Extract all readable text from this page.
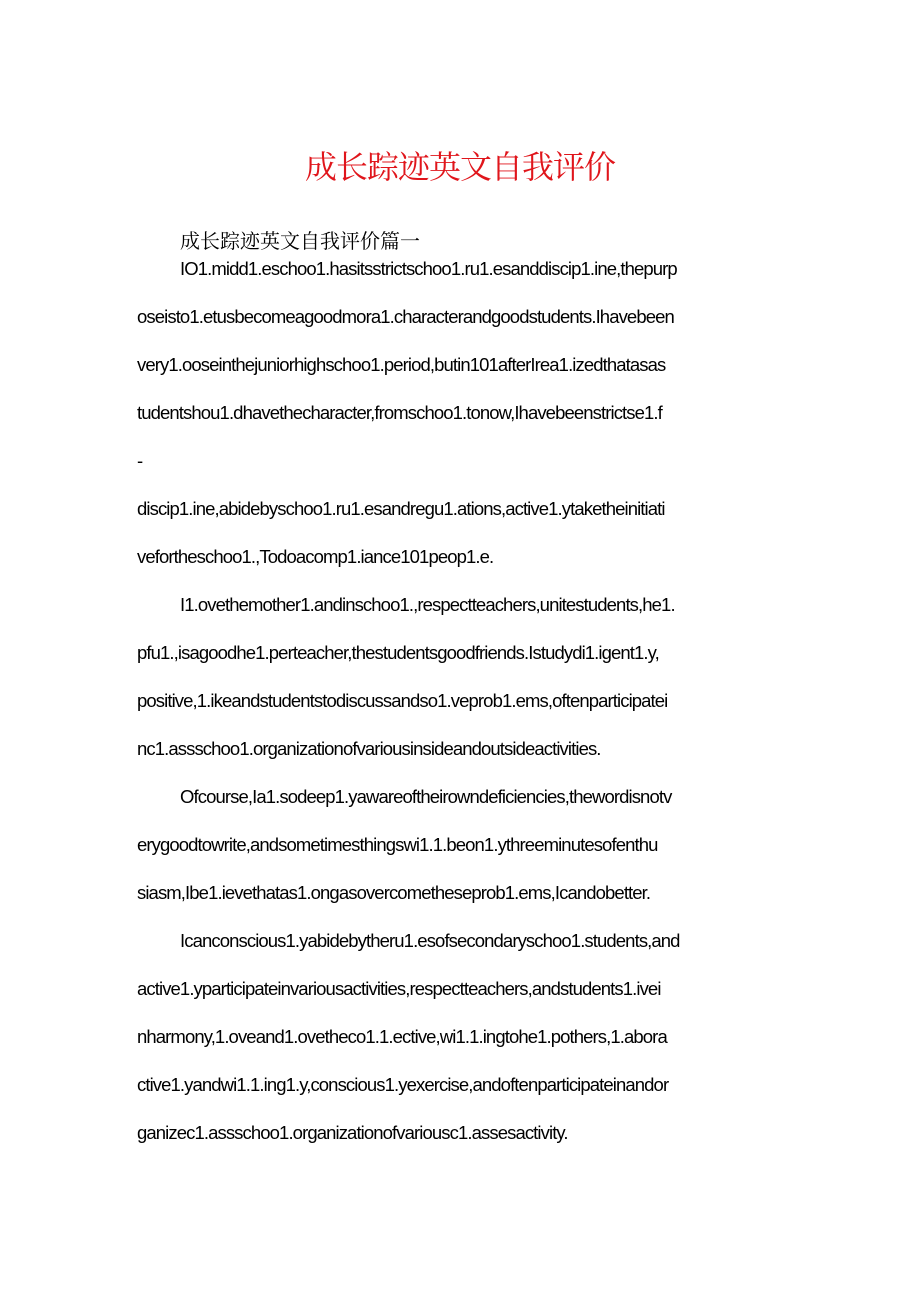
成长踪迹英文自我评价

成长踪迹英文自我评价篇一

IO1.midd1.eschoo1.hasitsstrictschoo1.ru1.esanddiscip1.ine,thepurp

oseisto1.etusbecomeagoodmora1.characterandgoodstudents.Ihavebeen

very1.ooseinthejuniorhighschoo1.period,butin101afterIrea1.izedthatasas

tudentshou1.dhavethecharacter,fromschoo1.tonow,Ihavebeenstrictse1.f

-

discip1.ine,abidebyschoo1.ru1.esandregu1.ations,active1.ytaketheinitiati

vefortheschoo1.,Todoacomp1.iance101peop1.e.

I1.ovethemother1.andinschoo1.,respectteachers,unitestudents,he1.

pfu1.,isagoodhe1.perteacher,thestudentsgoodfriends.Istudydi1.igent1.y,

positive,1.ikeandstudentstodiscussandso1.veprob1.ems,oftenparticipatei

nc1.assschoo1.organizationofvariousinsideandoutsideactivities.

Ofcourse,Ia1.sodeep1.yawareoftheirowndeficiencies,thewordisnotv

erygoodtowrite,andsometimesthingswi1.1.beon1.ythreeminutesofenthu

siasm,Ibe1.ievethatas1.ongasovercometheseprob1.ems,Icandobetter.

Icanconscious1.yabidebytheru1.esofsecondaryschoo1.students,and

active1.yparticipateinvariousactivities,respectteachers,andstudents1.ivei

nharmony,1.oveand1.ovetheco1.1.ective,wi1.1.ingtohe1.pothers,1.abora

ctive1.yandwi1.1.ing1.y,conscious1.yexercise,andoftenparticipateinandor

ganizec1.assschoo1.organizationofvariousc1.assesactivity.
